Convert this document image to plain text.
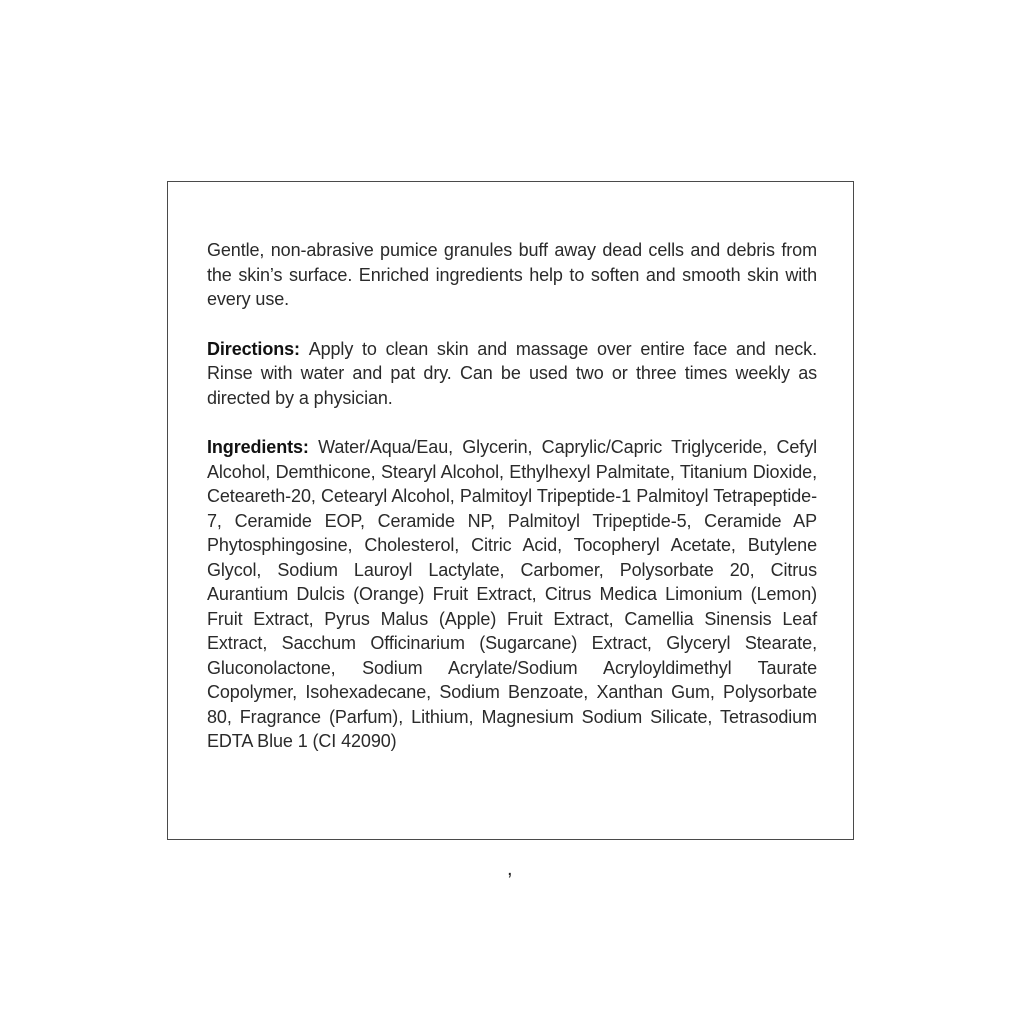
Gentle, non-abrasive pumice granules buff away dead cells and debris from the skin’s surface. Enriched ingredients help to soften and smooth skin with every use.

Directions: Apply to clean skin and massage over entire face and neck. Rinse with water and pat dry. Can be used two or three times weekly as directed by a physician.

Ingredients: Water/Aqua/Eau, Glycerin, Caprylic/Capric Triglyceride, Cefyl Alcohol, Demthicone, Stearyl Alcohol, Ethylhexyl Palmitate, Titanium Dioxide, Ceteareth-20, Cetearyl Alcohol, Palmitoyl Tripeptide-1 Palmitoyl Tetrapeptide-7, Ceramide EOP, Ceramide NP, Palmitoyl Tripeptide-5, Ceramide AP Phytosphingosine, Cholesterol, Citric Acid, Tocopheryl Acetate, Butylene Glycol, Sodium Lauroyl Lactylate, Carbomer, Polysorbate 20, Citrus Aurantium Dulcis (Orange) Fruit Extract, Citrus Medica Limonium (Lemon) Fruit Extract, Pyrus Malus (Apple) Fruit Extract, Camellia Sinensis Leaf Extract, Sacchum Officinarium (Sugarcane) Extract, Glyceryl Stearate, Gluconolactone, Sodium Acrylate/Sodium Acryloyldimethyl Taurate Copolymer, Isohexadecane, Sodium Benzoate, Xanthan Gum, Polysorbate 80, Fragrance (Parfum), Lithium, Magnesium Sodium Silicate, Tetrasodium EDTA Blue 1 (CI 42090)

,
